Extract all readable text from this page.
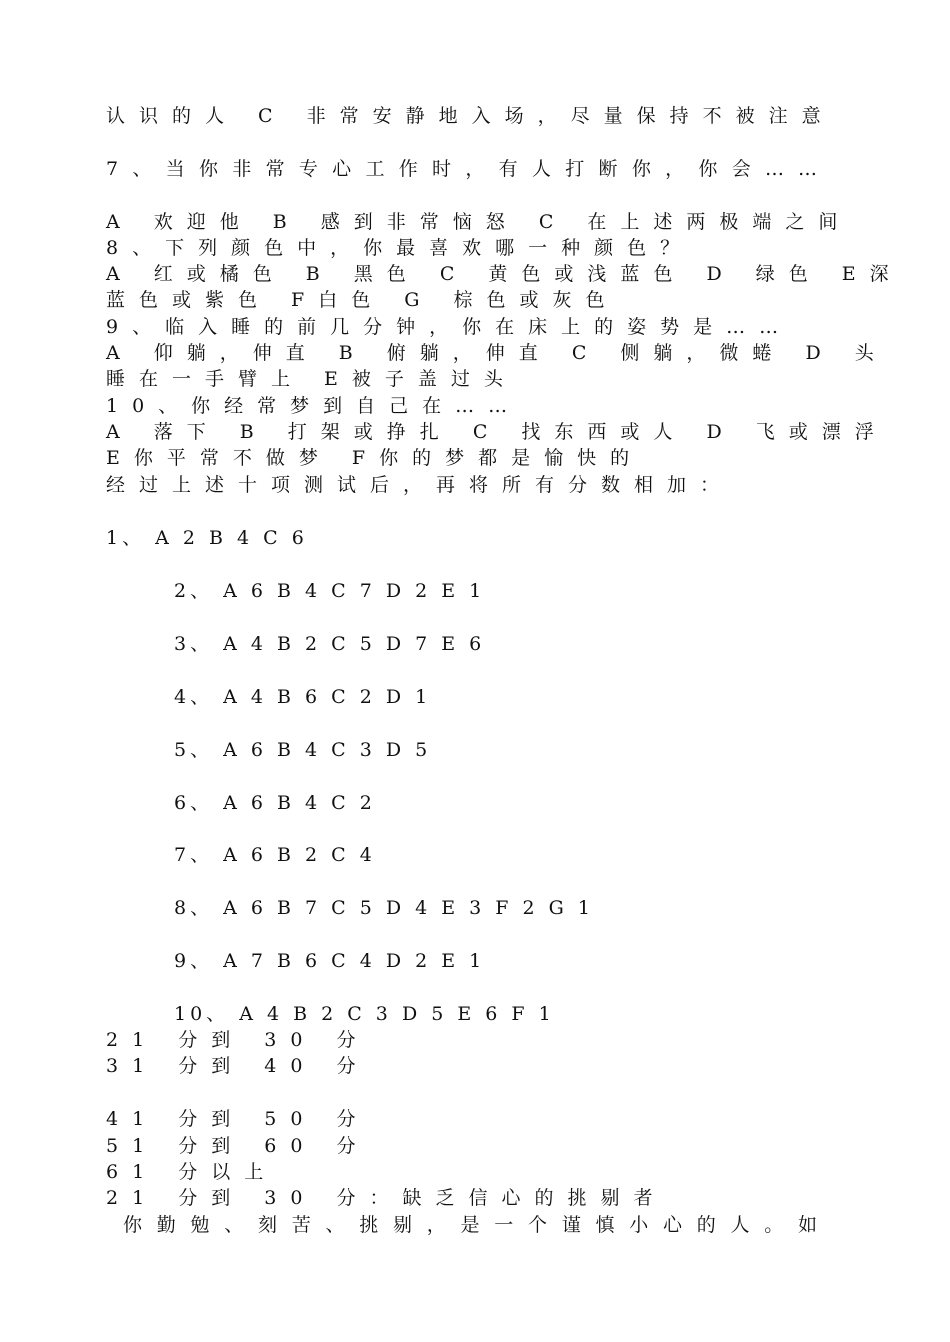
认识的人 C 非常安静地入场，尽量保持不被注意
7、当你非常专心工作时，有人打断你，你会……
A 欢迎他 B 感到非常恼怒 C 在上述两极端之间
8、下列颜色中，你最喜欢哪一种颜色？
A 红或橘色 B 黑色 C 黄色或浅蓝色 D 绿色 E深
蓝色或紫色 F白色 G 棕色或灰色
9、临入睡的前几分钟，你在床上的姿势是……
A 仰躺，伸直 B 俯躺，伸直 C 侧躺，微蜷 D 头
睡在一手臂上 E被子盖过头
10、你经常梦到自己在……
A 落下 B 打架或挣扎 C 找东西或人 D 飞或漂浮
E你平常不做梦 F你的梦都是愉快的
经过上述十项测试后，再将所有分数相加：
1、 A 2 B 4 C 6
2、 A 6 B 4 C 7 D 2 E 1
3、 A 4 B 2 C 5 D 7 E 6
4、 A 4 B 6 C 2 D 1
5、 A 6 B 4 C 3 D 5
6、 A 6 B 4 C 2
7、 A 6 B 2 C 4
8、 A 6 B 7 C 5 D 4 E 3 F 2 G 1
9、 A 7 B 6 C 4 D 2 E 1
10、 A 4 B 2 C 3 D 5 E 6 F 1
21 分到 30 分
31 分到 40 分
41 分到 50 分
51 分到 60 分
61 分以上
21 分到 30 分：缺乏信心的挑剔者
你勤勉、刻苦、挑剔，是一个谨慎小心的人。如
